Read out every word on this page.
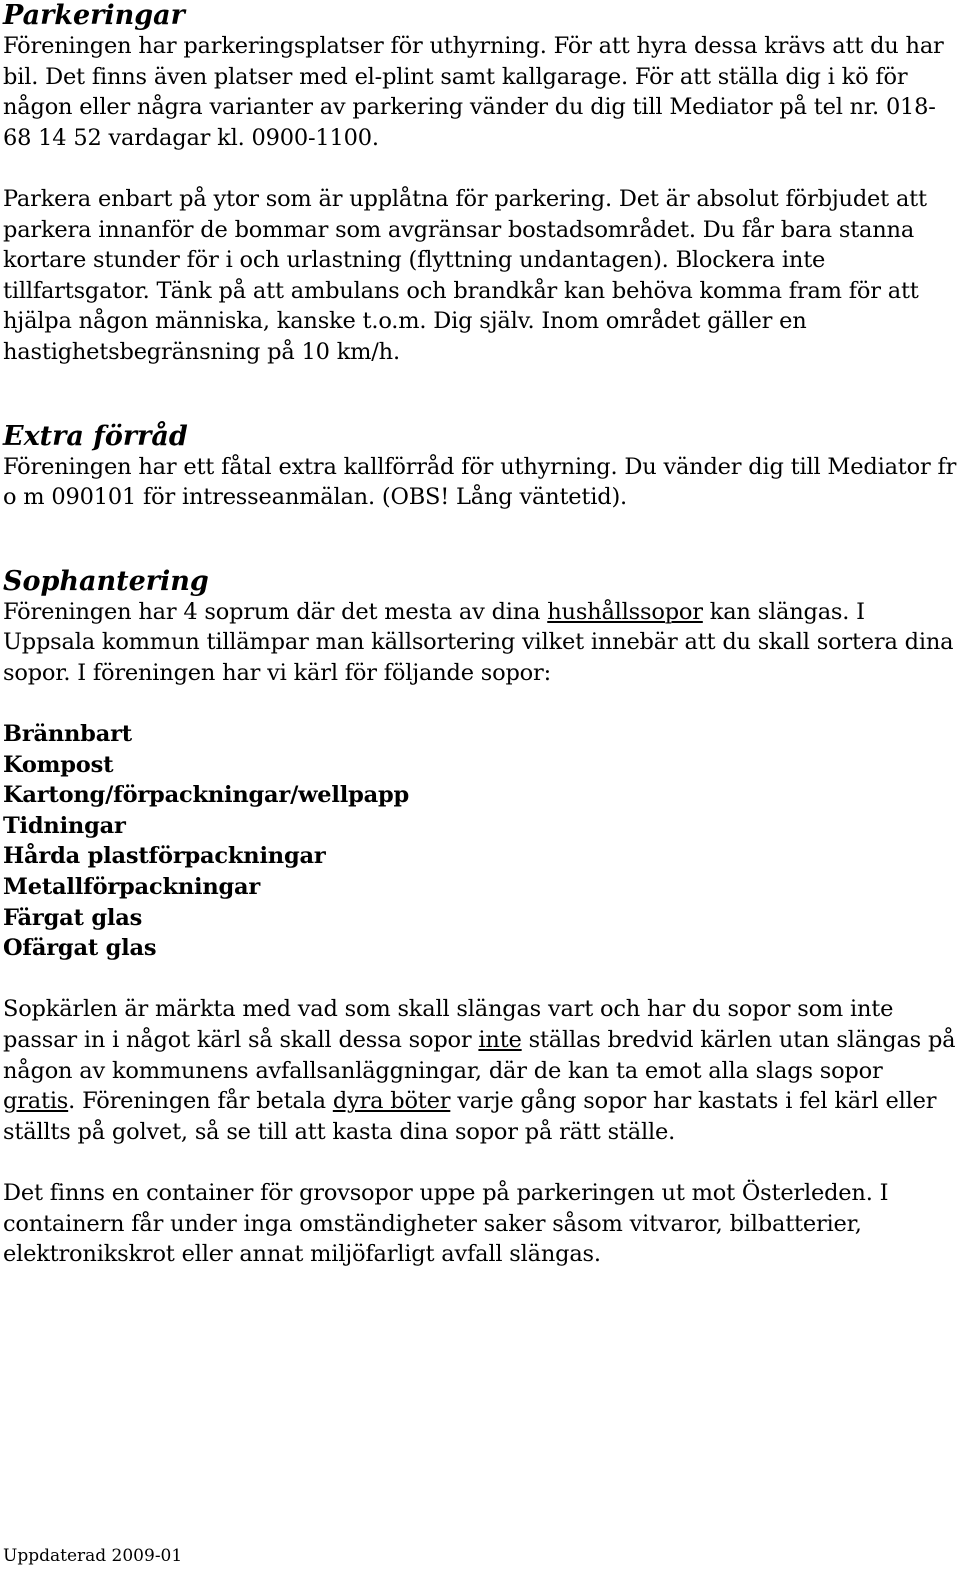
Parkeringar

Föreningen har parkeringsplatser för uthyrning. För att hyra dessa krävs att du har bil. Det finns även platser med el-plint samt kallgarage. För att ställa dig i kö för någon eller några varianter av parkering vänder du dig till Mediator på tel nr. 018-68 14 52 vardagar kl. 0900-1100.

Parkera enbart på ytor som är upplåtna för parkering. Det är absolut förbjudet att parkera innanför de bommar som avgränsar bostadsområdet. Du får bara stanna kortare stunder för i och urlastning (flyttning undantagen). Blockera inte tillfartsgator. Tänk på att ambulans och brandkår kan behöva komma fram för att hjälpa någon människa, kanske t.o.m. Dig själv. Inom området gäller en hastighetsbegränsning på 10 km/h.

Extra förråd

Föreningen har ett fåtal extra kallförråd för uthyrning. Du vänder dig till Mediator fr o m 090101 för intresseanmälan. (OBS! Lång väntetid).

Sophantering

Föreningen har 4 soprum där det mesta av dina hushållssopor kan slängas. I Uppsala kommun tillämpar man källsortering vilket innebär att du skall sortera dina sopor. I föreningen har vi kärl för följande sopor:

Brännbart
Kompost
Kartong/förpackningar/wellpapp
Tidningar
Hårda plastförpackningar
Metallförpackningar
Färgat glas
Ofärgat glas

Sopkärlen är märkta med vad som skall slängas vart och har du sopor som inte passar in i något kärl så skall dessa sopor inte ställas bredvid kärlen utan slängas på någon av kommunens avfallsanläggningar, där de kan ta emot alla slags sopor gratis. Föreningen får betala dyra böter varje gång sopor har kastats i fel kärl eller ställts på golvet, så se till att kasta dina sopor på rätt ställe.

Det finns en container för grovsopor uppe på parkeringen ut mot Österleden. I containern får under inga omständigheter saker såsom vitvaror, bilbatterier, elektronikskrot eller annat miljöfarligt avfall slängas.

Uppdaterad 2009-01
